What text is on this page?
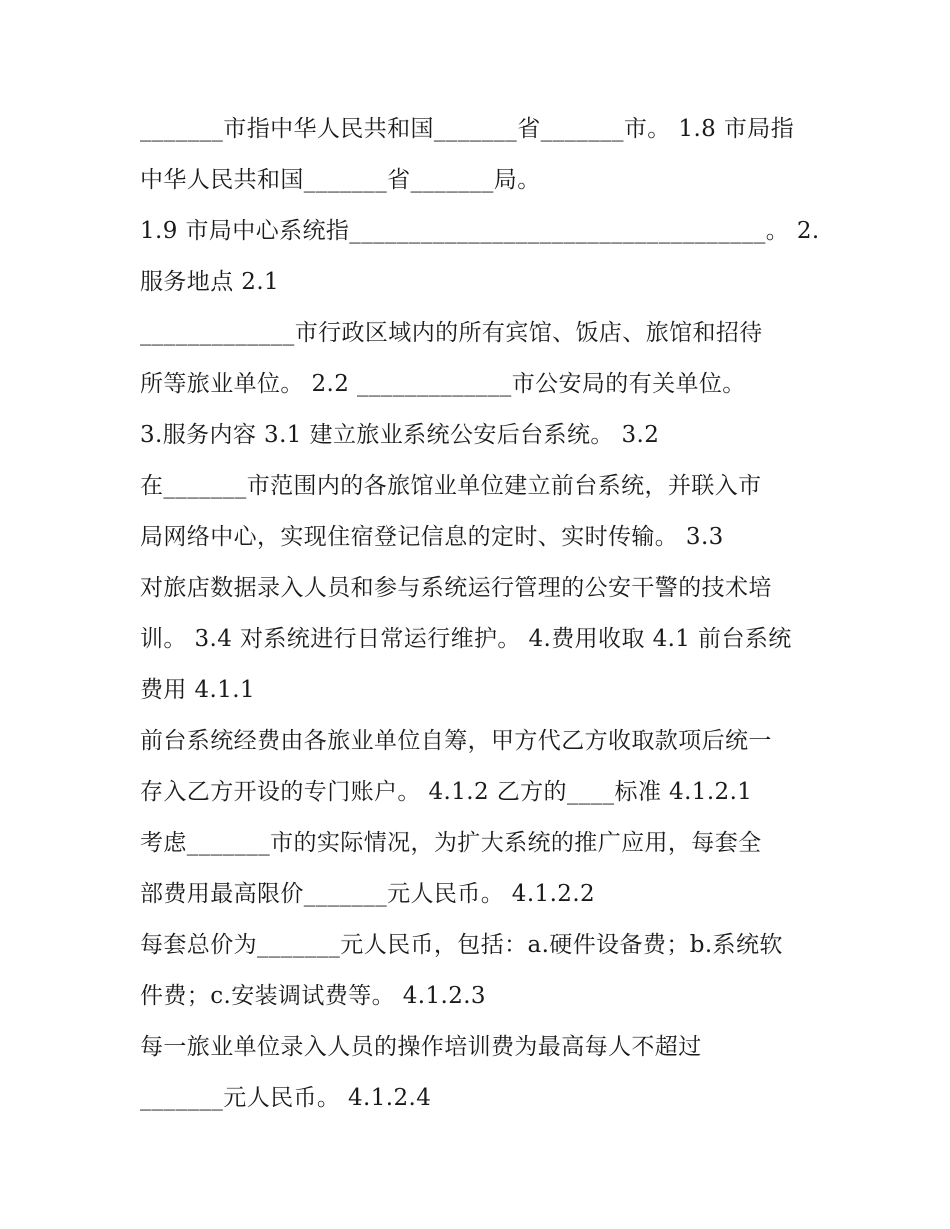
_______市指中华人民共和国_______省_______市。 1.8 市局指
中华人民共和国_______省_______局。
1.9 市局中心系统指___________________________________。 2.
服务地点 2.1
_____________市行政区域内的所有宾馆、饭店、旅馆和招待
所等旅业单位。 2.2 _____________市公安局的有关单位。
3.服务内容 3.1 建立旅业系统公安后台系统。 3.2
在_______市范围内的各旅馆业单位建立前台系统，并联入市
局网络中心，实现住宿登记信息的定时、实时传输。 3.3
对旅店数据录入人员和参与系统运行管理的公安干警的技术培
训。 3.4 对系统进行日常运行维护。 4.费用收取 4.1 前台系统
费用 4.1.1
前台系统经费由各旅业单位自筹，甲方代乙方收取款项后统一
存入乙方开设的专门账户。 4.1.2 乙方的____标准 4.1.2.1
考虑_______市的实际情况，为扩大系统的推广应用，每套全
部费用最高限价_______元人民币。 4.1.2.2
每套总价为_______元人民币，包括：a.硬件设备费；b.系统软
件费；c.安装调试费等。 4.1.2.3
每一旅业单位录入人员的操作培训费为最高每人不超过
_______元人民币。 4.1.2.4
